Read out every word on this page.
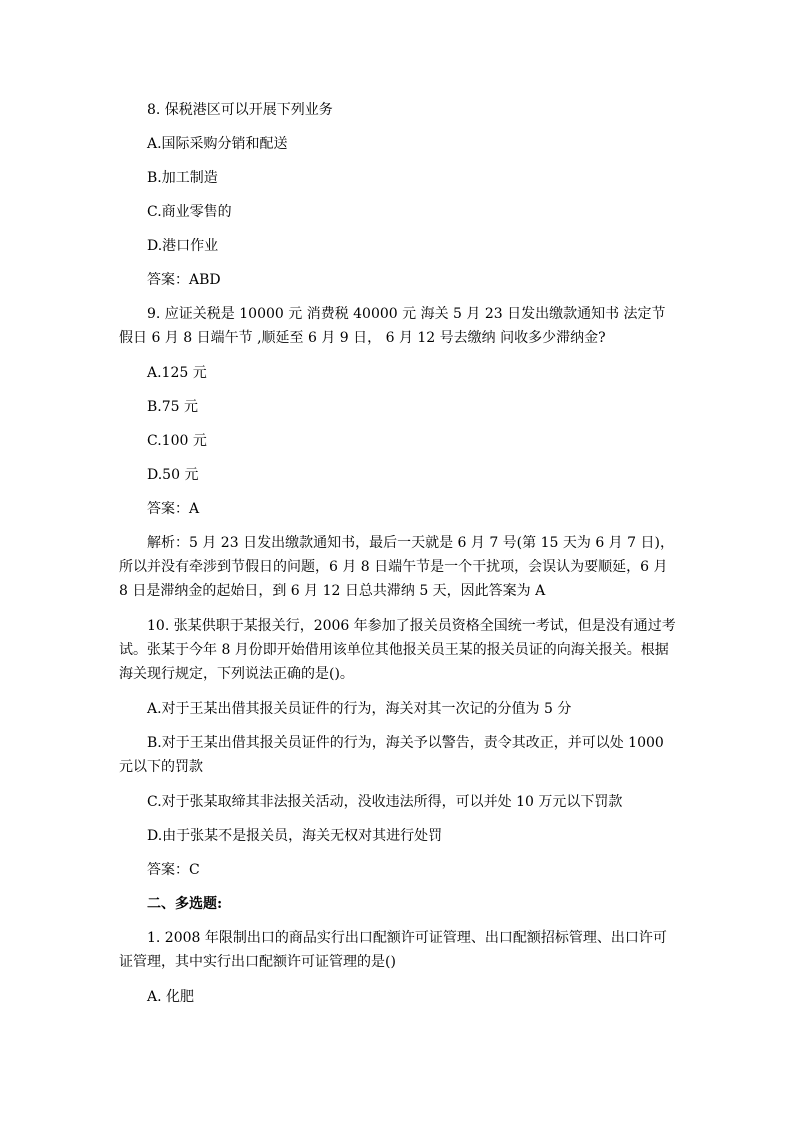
8. 保税港区可以开展下列业务

A.国际采购分销和配送

B.加工制造

C.商业零售的

D.港口作业

答案：ABD

9. 应证关税是 10000 元 消费税 40000 元 海关 5 月 23 日发出缴款通知书 法定节假日 6 月 8 日端午节 ,顺延至 6 月 9 日， 6 月 12 号去缴纳 问收多少滞纳金?

A.125 元

B.75 元

C.100 元

D.50 元

答案：A

解析：5 月 23 日发出缴款通知书，最后一天就是 6 月 7 号(第 15 天为 6 月 7 日)，所以并没有牵涉到节假日的问题，6 月 8 日端午节是一个干扰项，会误认为要顺延，6 月 8 日是滞纳金的起始日，到 6 月 12 日总共滞纳 5 天，因此答案为 A

10. 张某供职于某报关行，2006 年参加了报关员资格全国统一考试，但是没有通过考试。张某于今年 8 月份即开始借用该单位其他报关员王某的报关员证的向海关报关。根据海关现行规定，下列说法正确的是()。

A.对于王某出借其报关员证件的行为，海关对其一次记的分值为 5 分

B.对于王某出借其报关员证件的行为，海关予以警告，责令其改正，并可以处 1000 元以下的罚款

C.对于张某取缔其非法报关活动，没收违法所得，可以并处 10 万元以下罚款

D.由于张某不是报关员，海关无权对其进行处罚

答案：C

二、多选题:

1. 2008 年限制出口的商品实行出口配额许可证管理、出口配额招标管理、出口许可证管理，其中实行出口配额许可证管理的是()

A. 化肥
